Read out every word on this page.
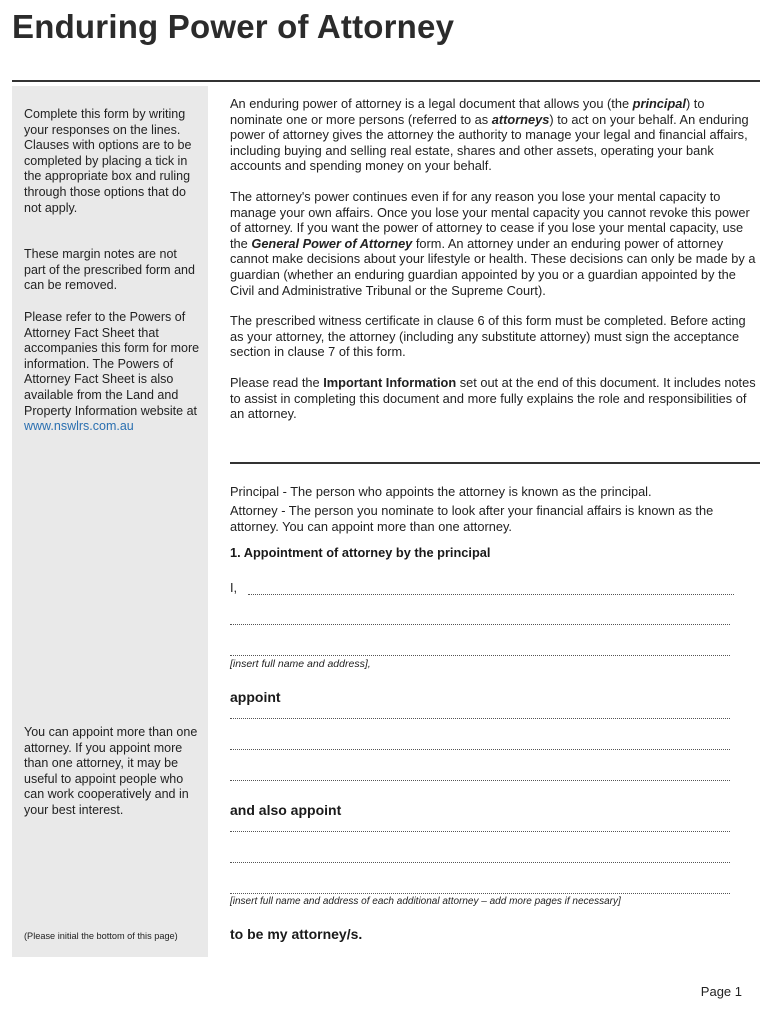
Enduring Power of Attorney

Complete this form by writing your responses on the lines. Clauses with options are to be completed by placing a tick in the appropriate box and ruling through those options that do not apply.

These margin notes are not part of the prescribed form and can be removed.

Please refer to the Powers of Attorney Fact Sheet that accompanies this form for more information. The Powers of Attorney Fact Sheet is also available from the Land and Property Information website at www.nswlrs.com.au

You can appoint more than one attorney. If you appoint more than one attorney, it may be useful to appoint people who can work cooperatively and in your best interest.

(Please initial the bottom of this page)

An enduring power of attorney is a legal document that allows you (the principal) to nominate one or more persons (referred to as attorneys) to act on your behalf. An enduring power of attorney gives the attorney the authority to manage your legal and financial affairs, including buying and selling real estate, shares and other assets, operating your bank accounts and spending money on your behalf.

The attorney's power continues even if for any reason you lose your mental capacity to manage your own affairs. Once you lose your mental capacity you cannot revoke this power of attorney. If you want the power of attorney to cease if you lose your mental capacity, use the General Power of Attorney form. An attorney under an enduring power of attorney cannot make decisions about your lifestyle or health. These decisions can only be made by a guardian (whether an enduring guardian appointed by you or a guardian appointed by the Civil and Administrative Tribunal or the Supreme Court).

The prescribed witness certificate in clause 6 of this form must be completed. Before acting as your attorney, the attorney (including any substitute attorney) must sign the acceptance section in clause 7 of this form.

Please read the Important Information set out at the end of this document. It includes notes to assist in completing this document and more fully explains the role and responsibilities of an attorney.

Principal - The person who appoints the attorney is known as the principal.

Attorney - The person you nominate to look after your financial affairs is known as the attorney. You can appoint more than one attorney.

1. Appointment of attorney by the principal
I,
[insert full name and address],
appoint
and also appoint
[insert full name and address of each additional attorney – add more pages if necessary]
to be my attorney/s.
Page 1
